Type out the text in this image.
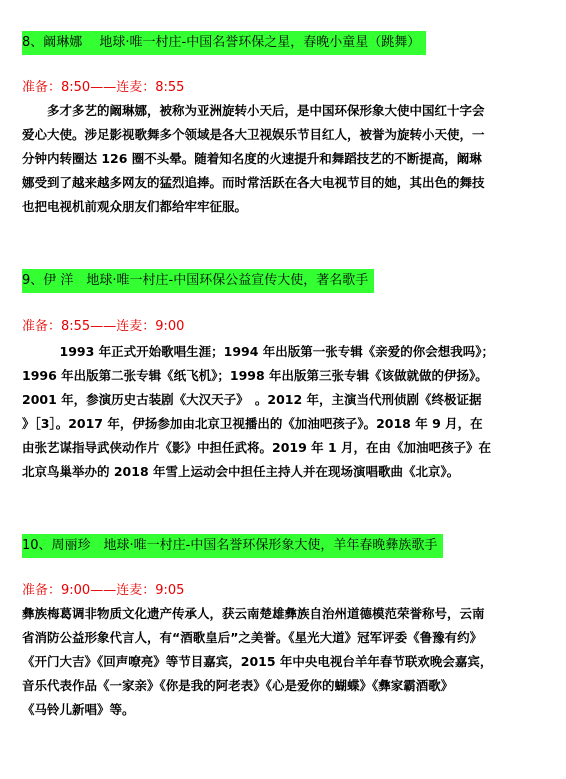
8、阚琳娜　 地球·唯一村庄-中国名誉环保之星，春晚小童星（跳舞）
准备：8:50——连麦：8:55
　　多才多艺的阚琳娜，被称为亚洲旋转小天后，是中国环保形象大使中国红十字会
爱心大使。涉足影视歌舞多个领域是各大卫视娱乐节目红人，被誉为旋转小天使，一
分钟内转圈达 126 圈不头晕。随着知名度的火速提升和舞蹈技艺的不断提高，阚琳
娜受到了越来越多网友的猛烈追捧。而时常活跃在各大电视节目的她，其出色的舞技
也把电视机前观众朋友们都给牢牢征服。
9、伊 洋　地球·唯一村庄-中国环保公益宣传大使，著名歌手
准备：8:55——连麦：9:00
　　　1993 年正式开始歌唱生涯；1994 年出版第一张专辑《亲爱的你会想我吗》；
1996 年出版第二张专辑《纸飞机》；1998 年出版第三张专辑《该做就做的伊扬》。
2001 年，参演历史古装剧《大汉天子》　。2012 年，主演当代刑侦剧《终极证据
》［3］。2017 年，伊扬参加由北京卫视播出的《加油吧孩子》。2018 年 9 月，在
由张艺谋指导武侠动作片《影》中担任武将。2019 年 1 月，在由《加油吧孩子》在
北京鸟巢举办的 2018 年雪上运动会中担任主持人并在现场演唱歌曲《北京》。
10、周丽珍　地球·唯一村庄-中国名誉环保形象大使，羊年春晚彝族歌手
准备：9:00——连麦：9:05
彝族梅葛调非物质文化遗产传承人，获云南楚雄彝族自治州道德模范荣誉称号，云南
省消防公益形象代言人，有“酒歌皇后”之美誉。《星光大道》冠军评委《鲁豫有约》
《开门大吉》《回声嘹亮》等节目嘉宾，2015 年中央电视台羊年春节联欢晚会嘉宾，
音乐代表作品《一家亲》《你是我的阿老表》《心是爱你的蝴蝶》《彝家霸酒歌》
《马铃儿新唱》等。
